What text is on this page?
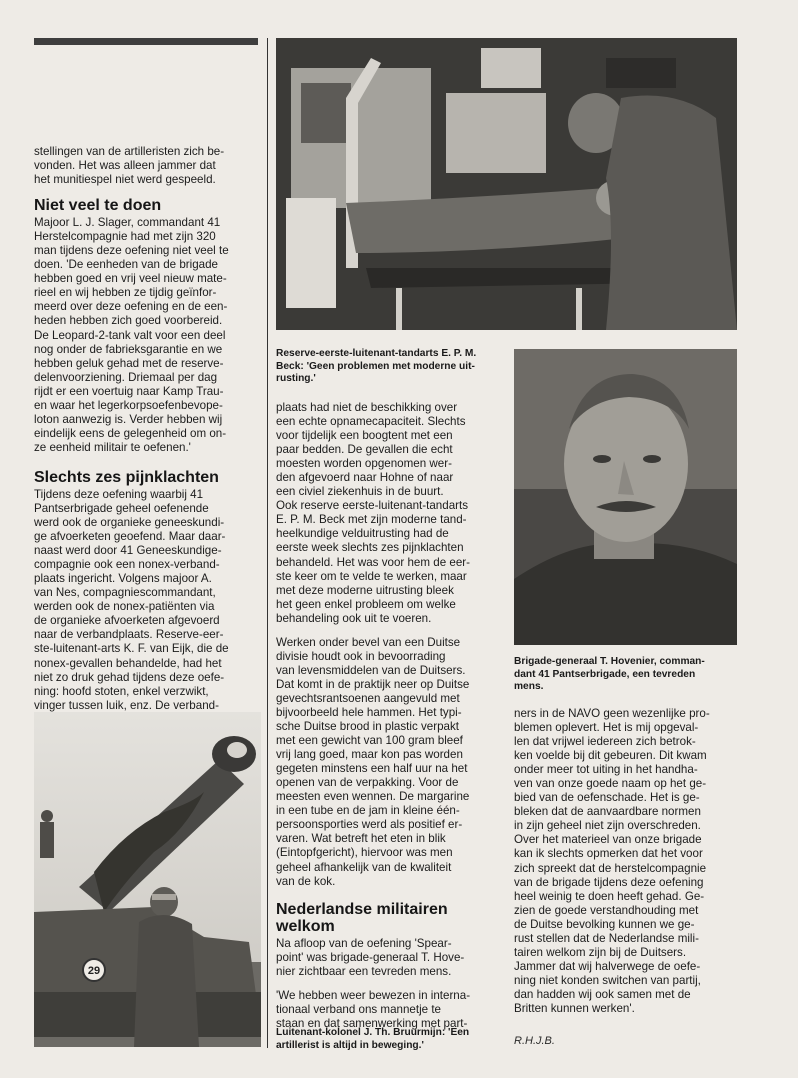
stellingen van de artilleristen zich be-
vonden. Het was alleen jammer dat
het munitiespel niet werd gespeeld.

Niet veel te doen

Majoor L. J. Slager, commandant 41
Herstelcompagnie had met zijn 320
man tijdens deze oefening niet veel te
doen. 'De eenheden van de brigade
hebben goed en vrij veel nieuw mate-
rieel en wij hebben ze tijdig geïnfor-
meerd over deze oefening en de een-
heden hebben zich goed voorbereid.
De Leopard-2-tank valt voor een deel
nog onder de fabrieksgarantie en we
hebben geluk gehad met de reserve-
delenvoorziening. Driemaal per dag
rijdt er een voertuig naar Kamp Trau-
en waar het legerkorpsoefenbevope-
loton aanwezig is. Verder hebben wij
eindelijk eens de gelegenheid om on-
ze eenheid militair te oefenen.'

Slechts zes pijnklachten

Tijdens deze oefening waarbij 41
Pantserbrigade geheel oefenende
werd ook de organieke geneeskundi-
ge afvoerketen geoefend. Maar daar-
naast werd door 41 Geneeskundige-
compagnie ook een nonex-verband-
plaats ingericht. Volgens majoor A.
van Nes, compagniescommandant,
werden ook de nonex-patiënten via
de organieke afvoerketen afgevoerd
naar de verbandplaats. Reserve-eer-
ste-luitenant-arts K. F. van Eijk, die de
nonex-gevallen behandelde, had het
niet zo druk gehad tijdens deze oefe-
ning: hoofd stoten, enkel verzwikt,
vinger tussen luik, enz. De verband-

29
Reserve-eerste-luitenant-tandarts E. P. M.
Beck: 'Geen problemen met moderne uit-
rusting.'

plaats had niet de beschikking over
een echte opnamecapaciteit. Slechts
voor tijdelijk een boogtent met een
paar bedden. De gevallen die echt
moesten worden opgenomen wer-
den afgevoerd naar Hohne of naar
een civiel ziekenhuis in de buurt.
Ook reserve eerste-luitenant-tandarts
E. P. M. Beck met zijn moderne tand-
heelkundige velduitrusting had de
eerste week slechts zes pijnklachten
behandeld. Het was voor hem de eer-
ste keer om te velde te werken, maar
met deze moderne uitrusting bleek
het geen enkel probleem om welke
behandeling ook uit te voeren.

Werken onder bevel van een Duitse
divisie houdt ook in bevoorrading
van levensmiddelen van de Duitsers.
Dat komt in de praktijk neer op Duitse
gevechtsrantsoenen aangevuld met
bijvoorbeeld hele hammen. Het typi-
sche Duitse brood in plastic verpakt
met een gewicht van 100 gram bleef
vrij lang goed, maar kon pas worden
gegeten minstens een half uur na het
openen van de verpakking. Voor de
meesten even wennen. De margarine
in een tube en de jam in kleine één-
persoonsporties werd als positief er-
varen. Wat betreft het eten in blik
(Eintopfgericht), hiervoor was men
geheel afhankelijk van de kwaliteit
van de kok.

Nederlandse militairen
welkom

Na afloop van de oefening 'Spear-
point' was brigade-generaal T. Hove-
nier zichtbaar een tevreden mens.

'We hebben weer bewezen in interna-
tionaal verband ons mannetje te
staan en dat samenwerking met part-

Luitenant-kolonel J. Th. Bruurmijn: 'Een
artillerist is altijd in beweging.'
Brigade-generaal T. Hovenier, comman-
dant 41 Pantserbrigade, een tevreden
mens.

ners in de NAVO geen wezenlijke pro-
blemen oplevert. Het is mij opgeval-
len dat vrijwel iedereen zich betrok-
ken voelde bij dit gebeuren. Dit kwam
onder meer tot uiting in het handha-
ven van onze goede naam op het ge-
bied van de oefenschade. Het is ge-
bleken dat de aanvaardbare normen
in zijn geheel niet zijn overschreden.
Over het materieel van onze brigade
kan ik slechts opmerken dat het voor
zich spreekt dat de herstelcompagnie
van de brigade tijdens deze oefening
heel weinig te doen heeft gehad. Ge-
zien de goede verstandhouding met
de Duitse bevolking kunnen we ge-
rust stellen dat de Nederlandse mili-
tairen welkom zijn bij de Duitsers.
Jammer dat wij halverwege de oefe-
ning niet konden switchen van partij,
dan hadden wij ook samen met de
Britten kunnen werken'.

R.H.J.B.
